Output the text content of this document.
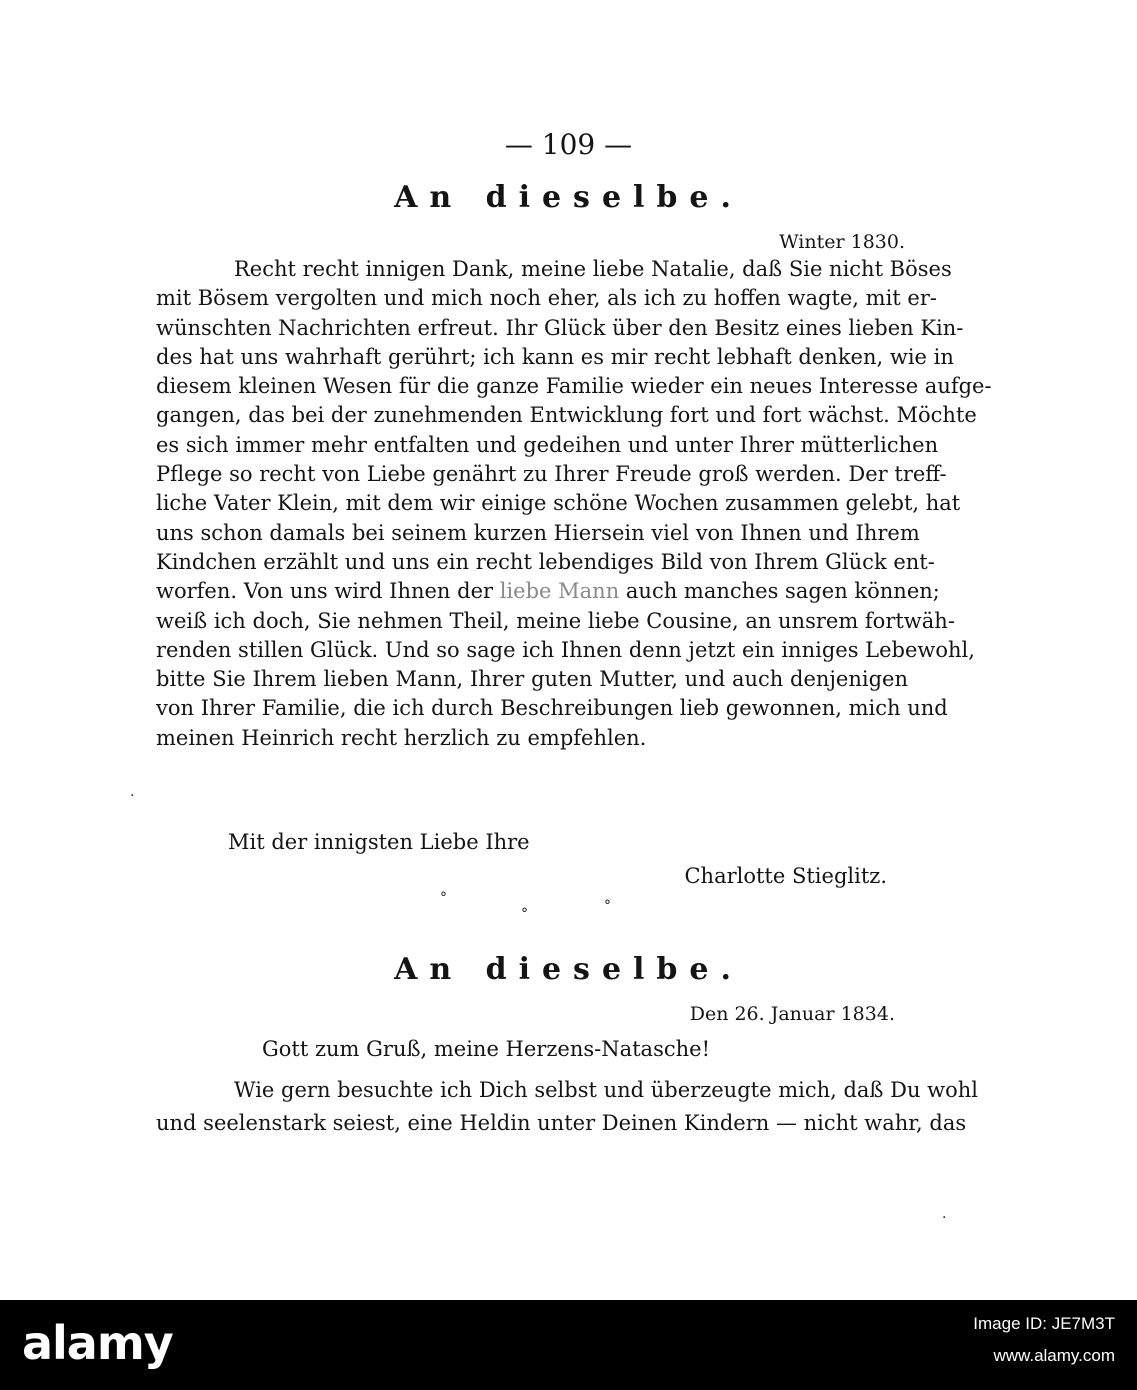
— 109 —
An dieselbe.
Winter 1830.
Recht recht innigen Dank, meine liebe Natalie, daß Sie nicht Böses
mit Bösem vergolten und mich noch eher, als ich zu hoffen wagte, mit er-
wünschten Nachrichten erfreut. Ihr Glück über den Besitz eines lieben Kin-
des hat uns wahrhaft gerührt; ich kann es mir recht lebhaft denken, wie in
diesem kleinen Wesen für die ganze Familie wieder ein neues Interesse aufge-
gangen, das bei der zunehmenden Entwicklung fort und fort wächst. Möchte
es sich immer mehr entfalten und gedeihen und unter Ihrer mütterlichen
Pflege so recht von Liebe genährt zu Ihrer Freude groß werden. Der treff-
liche Vater Klein, mit dem wir einige schöne Wochen zusammen gelebt, hat
uns schon damals bei seinem kurzen Hiersein viel von Ihnen und Ihrem
Kindchen erzählt und uns ein recht lebendiges Bild von Ihrem Glück ent-
worfen. Von uns wird Ihnen der liebe Mann auch manches sagen können;
weiß ich doch, Sie nehmen Theil, meine liebe Cousine, an unsrem fortwäh-
renden stillen Glück. Und so sage ich Ihnen denn jetzt ein inniges Lebewohl,
bitte Sie Ihrem lieben Mann, Ihrer guten Mutter, und auch denjenigen
von Ihrer Familie, die ich durch Beschreibungen lieb gewonnen, mich und
meinen Heinrich recht herzlich zu empfehlen.
Mit der innigsten Liebe Ihre
Charlotte Stieglitz.
°
°	°
·
·
An dieselbe.
Den 26. Januar 1834.
Gott zum Gruß, meine Herzens-Natasche!
Wie gern besuchte ich Dich selbst und überzeugte mich, daß Du wohl
und seelenstark seiest, eine Heldin unter Deinen Kindern — nicht wahr, das
alamy	Image ID: JE7M3T
www.alamy.com
